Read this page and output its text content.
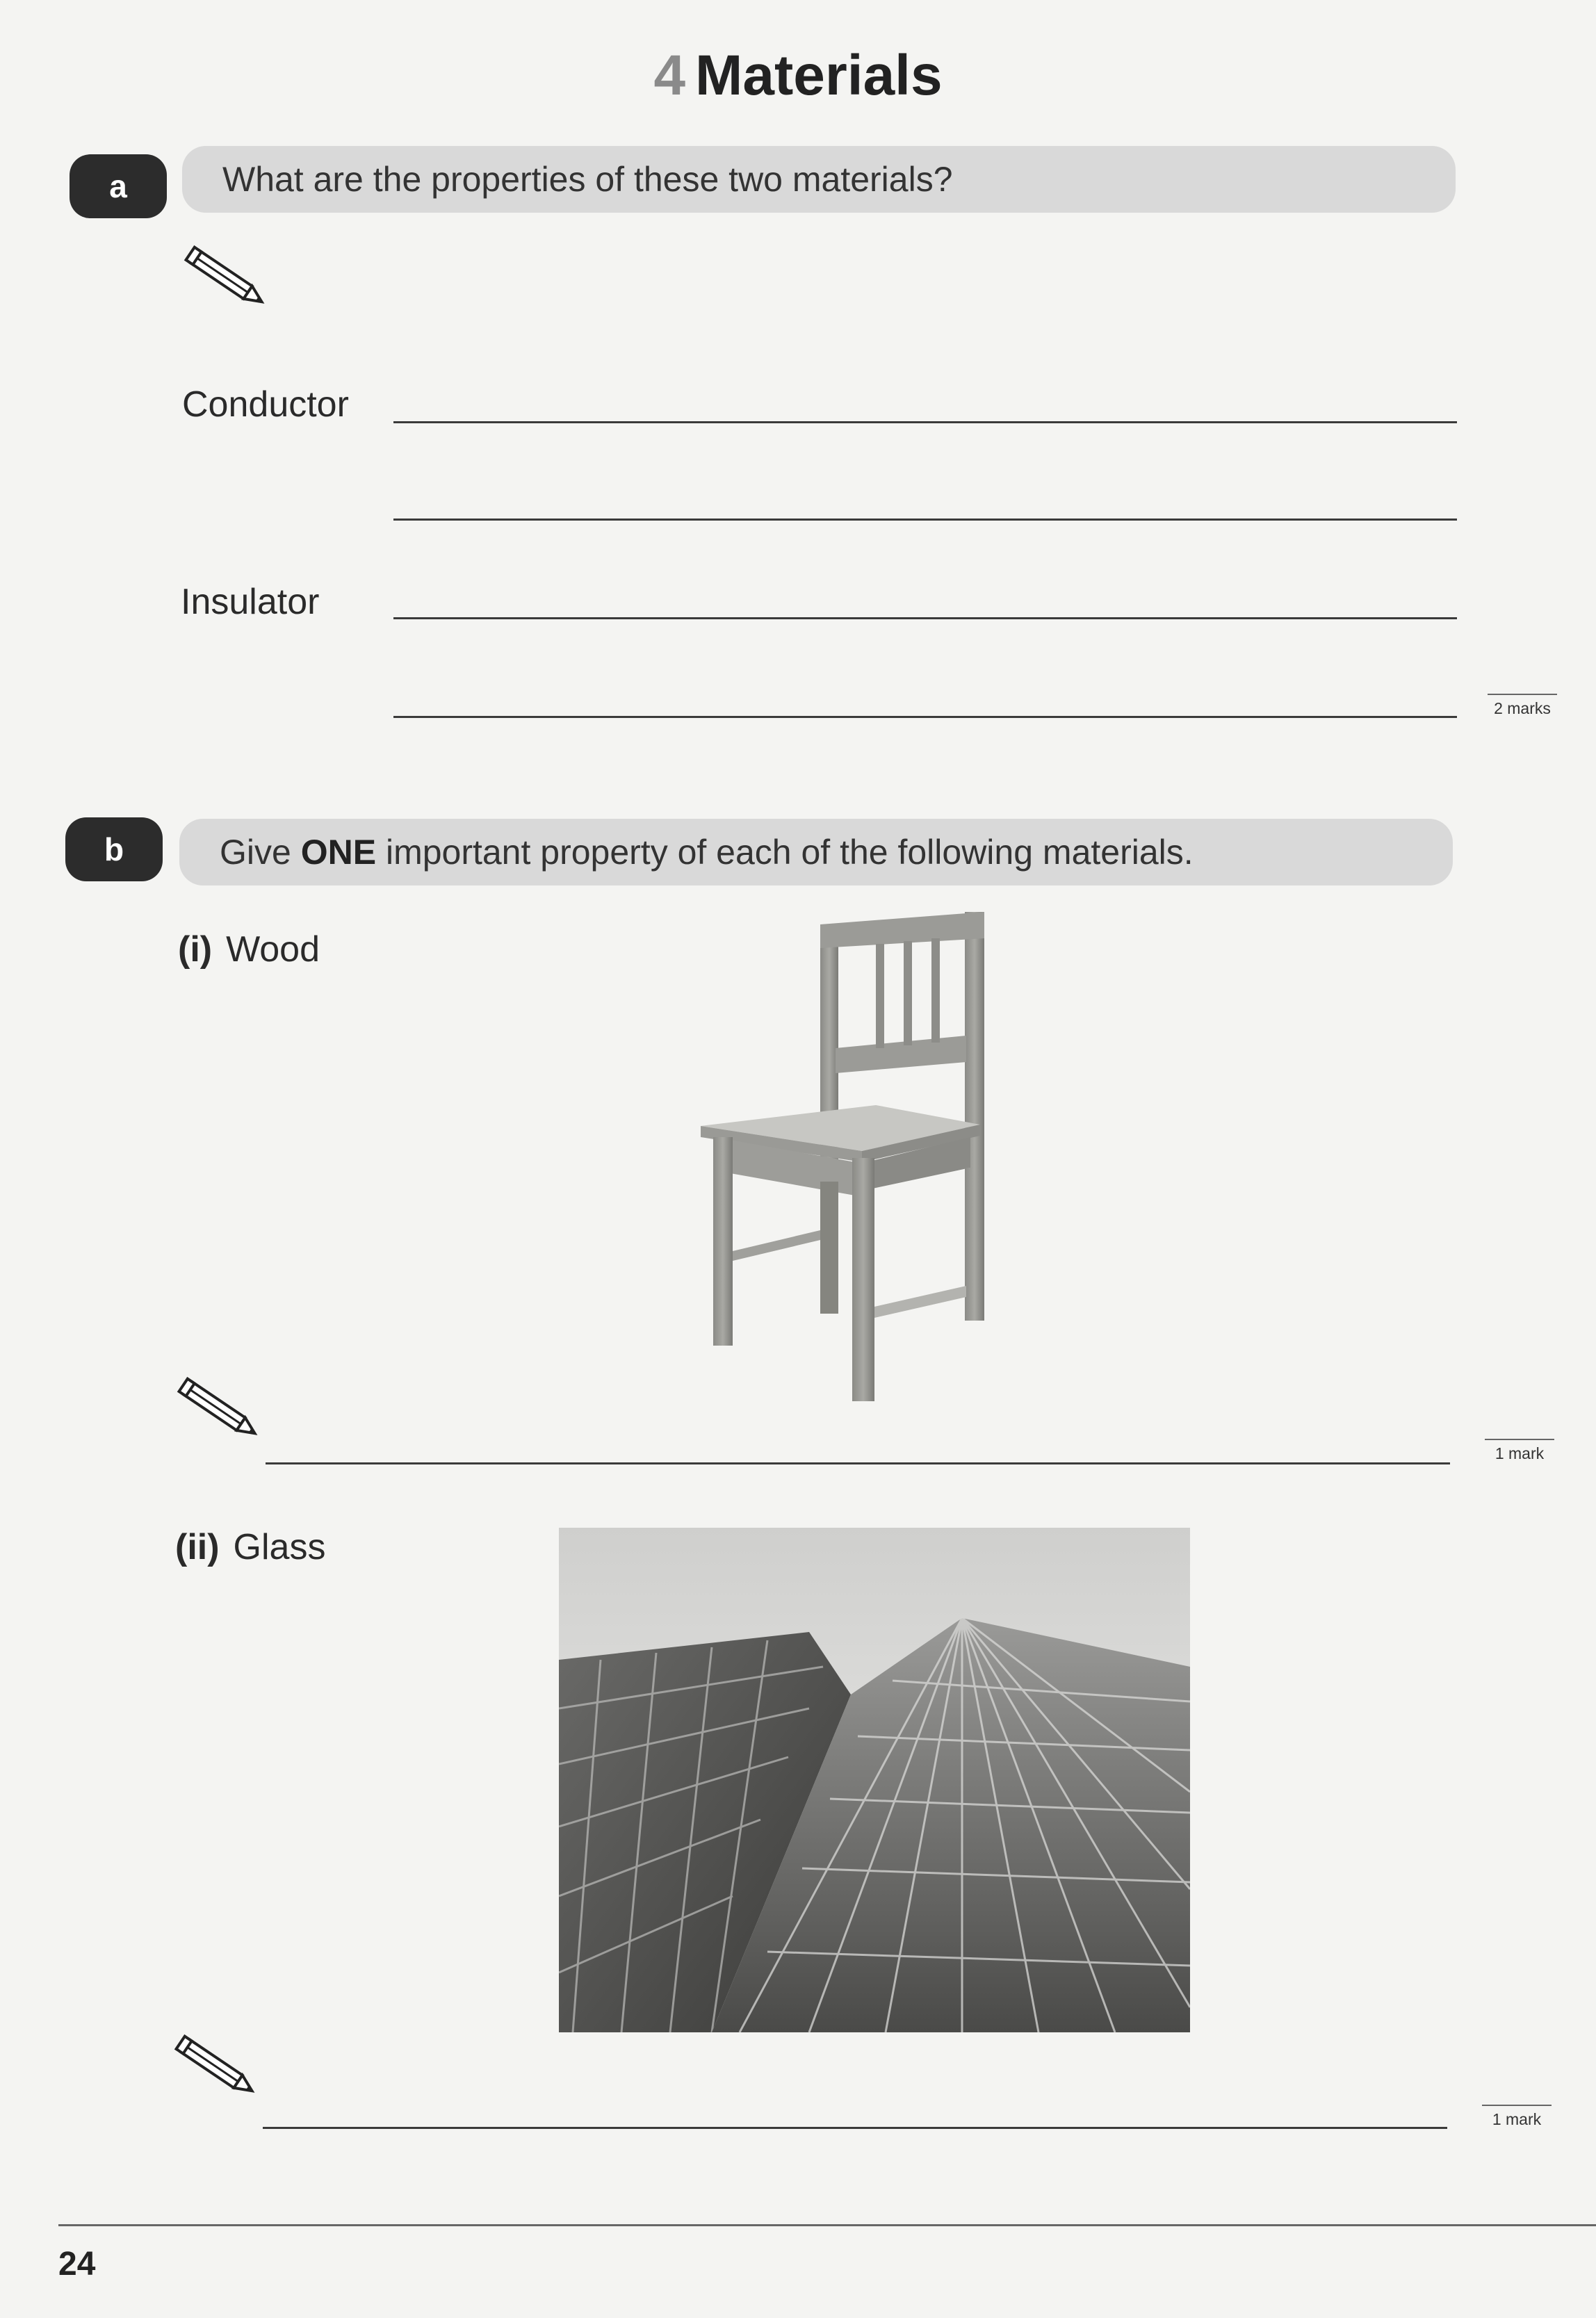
4 Materials
a	What are the properties of these two materials?
Conductor
Insulator
2 marks
b	Give ONE important property of each of the following materials.
(i) Wood
1 mark
(ii) Glass
1 mark
24
